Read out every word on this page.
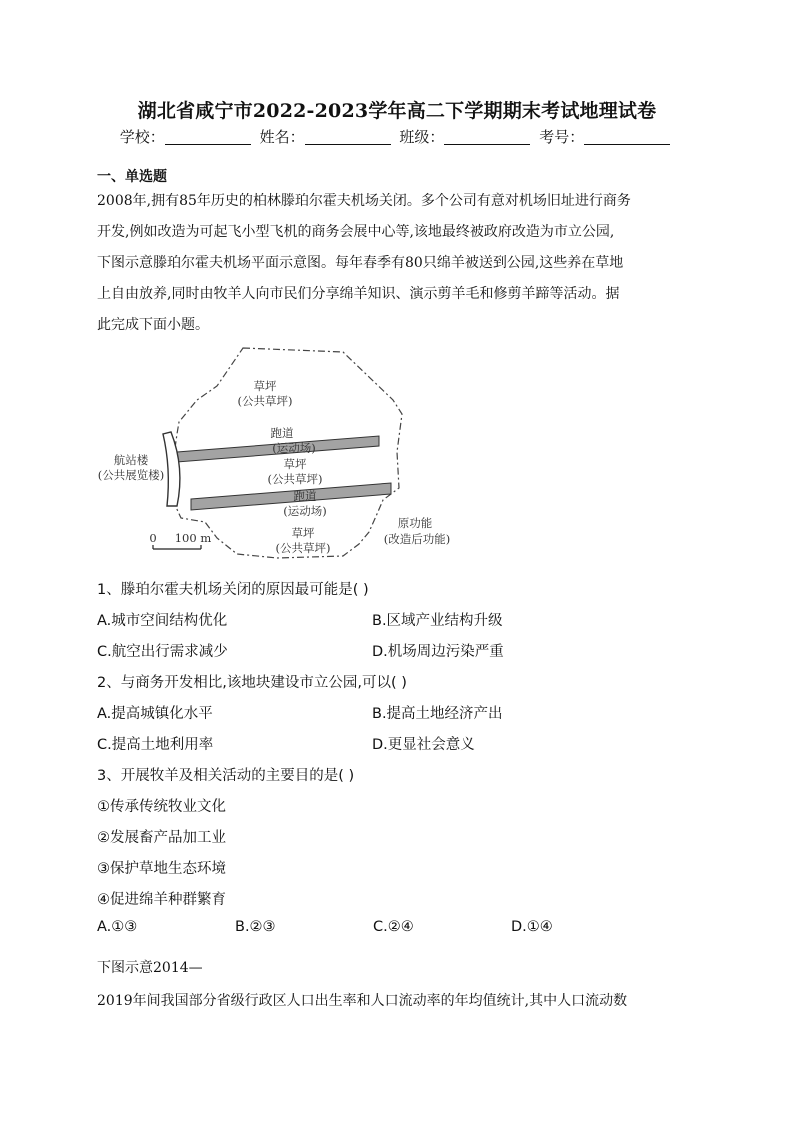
湖北省咸宁市2022-2023学年高二下学期期末考试地理试卷
学校：	姓名：	班级：	考号：
一、单选题

2008年,拥有85年历史的柏林滕珀尔霍夫机场关闭。多个公司有意对机场旧址进行商务

开发,例如改造为可起飞小型飞机的商务会展中心等,该地最终被政府改造为市立公园,

下图示意滕珀尔霍夫机场平面示意图。每年春季有80只绵羊被送到公园,这些养在草地

上自由放养,同时由牧羊人向市民们分享绵羊知识、演示剪羊毛和修剪羊蹄等活动。据

此完成下面小题。

草坪
(公共草坪)
跑道
(运动场)
草坪
(公共草坪)
跑道
(运动场)
草坪
(公共草坪)
航站楼
(公共展览楼)
原功能
(改造后功能)
0 100 m
1、滕珀尔霍夫机场关闭的原因最可能是( )
A.城市空间结构优化	B.区域产业结构升级
C.航空出行需求减少	D.机场周边污染严重
2、与商务开发相比,该地块建设市立公园,可以( )
A.提高城镇化水平	B.提高土地经济产出
C.提高土地利用率	D.更显社会意义
3、开展牧羊及相关活动的主要目的是( )
①传承传统牧业文化
②发展畜产品加工业
③保护草地生态环境
④促进绵羊种群繁育
A.①③	B.②③	C.②④	D.①④

下图示意2014—

2019年间我国部分省级行政区人口出生率和人口流动率的年均值统计,其中人口流动数
